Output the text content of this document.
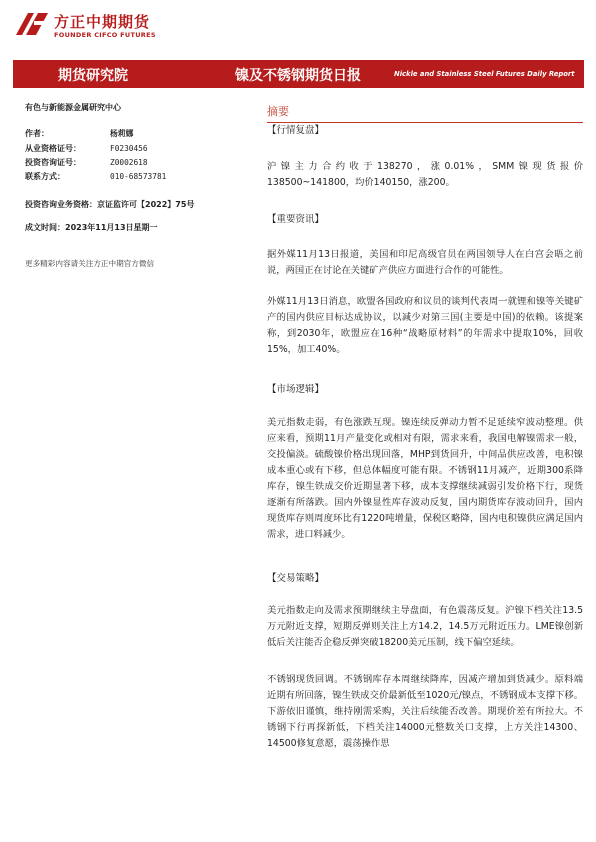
方正中期期货
FOUNDER CIFCO FUTURES
期货研究院	镍及不锈钢期货日报	Nickle and Stainless Steel Futures Daily Report
有色与新能源金属研究中心
作者：	杨莉娜
从业资格证号：	F0230456
投资咨询证号：	Z0002618
联系方式：	010-68573781
投资咨询业务资格：京证监许可【2022】75号
成文时间：2023年11月13日星期一
更多精彩内容请关注方正中期官方微信
摘要
【行情复盘】
沪镍主力合约收于138270，涨0.01%，SMM镍现货报价138500~141800，均价140150，涨200。
【重要资讯】
据外媒11月13日报道，美国和印尼高级官员在两国领导人在白宫会晤之前说，两国正在讨论在关键矿产供应方面进行合作的可能性。
外媒11月13日消息，欧盟各国政府和议员的谈判代表周一就锂和镍等关键矿产的国内供应目标达成协议，以减少对第三国(主要是中国)的依赖。该提案称，到2030年，欧盟应在16种“战略原材料”的年需求中提取10%，回收15%，加工40%。
【市场逻辑】
美元指数走弱，有色涨跌互现。镍连续反弹动力暂不足延续窄波动整理。供应来看，预期11月产量变化或相对有限，需求来看，我国电解镍需求一般，交投偏淡。硫酸镍价格出现回落，MHP到货回升，中间品供应改善，电积镍成本重心或有下移，但总体幅度可能有限。不锈钢11月减产，近期300系降库存，镍生铁成交价近期显著下移，成本支撑继续减弱引发价格下行，现货逐渐有所落跌。国内外镍显性库存波动反复，国内期货库存波动回升，国内现货库存则周度环比有1220吨增量，保税区略降，国内电积镍供应满足国内需求，进口料减少。
【交易策略】
美元指数走向及需求预期继续主导盘面，有色震荡反复。沪镍下档关注13.5万元附近支撑，短期反弹则关注上方14.2，14.5万元附近压力。LME镍创新低后关注能否企稳反弹突破18200美元压制，线下偏空延续。
不锈钢现货回调。不锈钢库存本周继续降库，因减产增加到货减少。原料端近期有所回落，镍生铁成交价最新低至1020元/镍点，不锈钢成本支撑下移。下游依旧谨慎，维持刚需采购，关注后续能否改善。期现价差有所拉大。不锈钢下行再探新低，下档关注14000元整数关口支撑，上方关注14300、14500修复意愿，震荡操作思
